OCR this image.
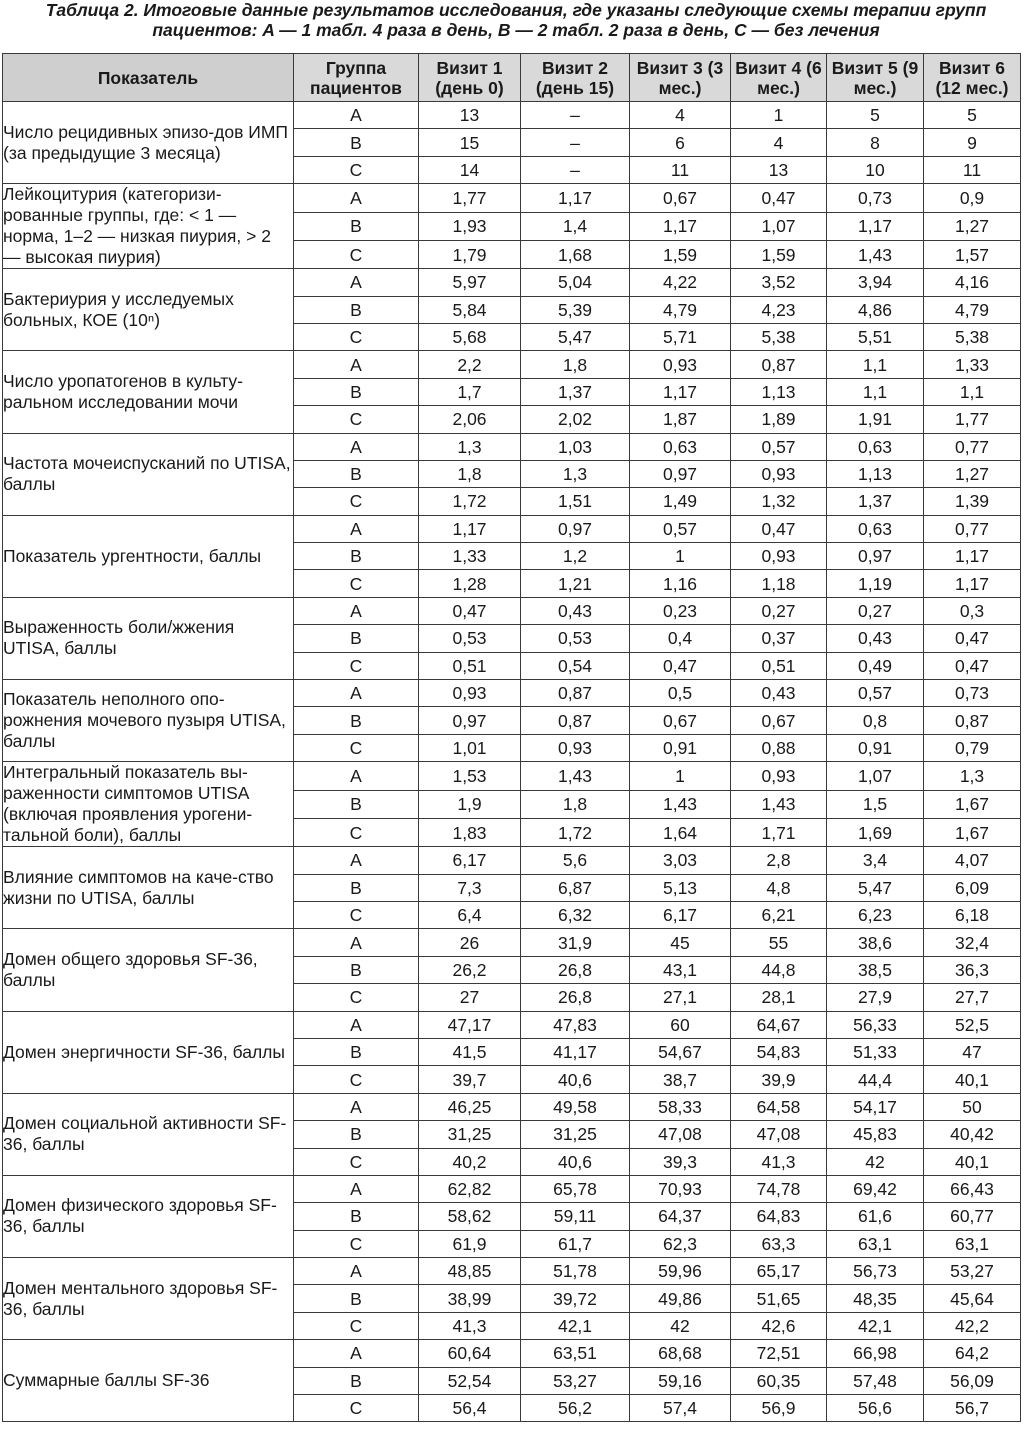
Таблица 2. Итоговые данные результатов исследования, где указаны следующие схемы терапии групп
пациентов: A — 1 табл. 4 раза в день, B — 2 табл. 2 раза в день, C — без лечения
Показатель	Группа пациентов	Визит 1 (день 0)	Визит 2 (день 15)	Визит 3 (3 мес.)	Визит 4 (6 мес.)	Визит 5 (9 мес.)	Визит 6 (12 мес.)
Число рецидивных эпизо-дов ИМП (за предыдущие 3 месяца)	A	13	–	4	1	5	5
	B	15	–	6	4	8	9
	C	14	–	11	13	10	11
Лейкоцитурия (категоризи-рованные группы, где: < 1 — норма, 1–2 — низкая пиурия, > 2 — высокая пиурия)	A	1,77	1,17	0,67	0,47	0,73	0,9
	B	1,93	1,4	1,17	1,07	1,17	1,27
	C	1,79	1,68	1,59	1,59	1,43	1,57
Бактериурия у исследуемых больных, КОЕ (10ⁿ)	A	5,97	5,04	4,22	3,52	3,94	4,16
	B	5,84	5,39	4,79	4,23	4,86	4,79
	C	5,68	5,47	5,71	5,38	5,51	5,38
Число уропатогенов в культу-ральном исследовании мочи	A	2,2	1,8	0,93	0,87	1,1	1,33
	B	1,7	1,37	1,17	1,13	1,1	1,1
	C	2,06	2,02	1,87	1,89	1,91	1,77
Частота мочеиспусканий по UTISA, баллы	A	1,3	1,03	0,63	0,57	0,63	0,77
	B	1,8	1,3	0,97	0,93	1,13	1,27
	C	1,72	1,51	1,49	1,32	1,37	1,39
Показатель ургентности, баллы	A	1,17	0,97	0,57	0,47	0,63	0,77
	B	1,33	1,2	1	0,93	0,97	1,17
	C	1,28	1,21	1,16	1,18	1,19	1,17
Выраженность боли/жжения UTISA, баллы	A	0,47	0,43	0,23	0,27	0,27	0,3
	B	0,53	0,53	0,4	0,37	0,43	0,47
	C	0,51	0,54	0,47	0,51	0,49	0,47
Показатель неполного опо-рожнения мочевого пузыря UTISA, баллы	A	0,93	0,87	0,5	0,43	0,57	0,73
	B	0,97	0,87	0,67	0,67	0,8	0,87
	C	1,01	0,93	0,91	0,88	0,91	0,79
Интегральный показатель вы-раженности симптомов UTISA (включая проявления урогени-тальной боли), баллы	A	1,53	1,43	1	0,93	1,07	1,3
	B	1,9	1,8	1,43	1,43	1,5	1,67
	C	1,83	1,72	1,64	1,71	1,69	1,67
Влияние симптомов на каче-ство жизни по UTISA, баллы	A	6,17	5,6	3,03	2,8	3,4	4,07
	B	7,3	6,87	5,13	4,8	5,47	6,09
	C	6,4	6,32	6,17	6,21	6,23	6,18
Домен общего здоровья SF-36, баллы	A	26	31,9	45	55	38,6	32,4
	B	26,2	26,8	43,1	44,8	38,5	36,3
	C	27	26,8	27,1	28,1	27,9	27,7
Домен энергичности SF-36, баллы	A	47,17	47,83	60	64,67	56,33	52,5
	B	41,5	41,17	54,67	54,83	51,33	47
	C	39,7	40,6	38,7	39,9	44,4	40,1
Домен социальной активности SF-36, баллы	A	46,25	49,58	58,33	64,58	54,17	50
	B	31,25	31,25	47,08	47,08	45,83	40,42
	C	40,2	40,6	39,3	41,3	42	40,1
Домен физического здоровья SF-36, баллы	A	62,82	65,78	70,93	74,78	69,42	66,43
	B	58,62	59,11	64,37	64,83	61,6	60,77
	C	61,9	61,7	62,3	63,3	63,1	63,1
Домен ментального здоровья SF-36, баллы	A	48,85	51,78	59,96	65,17	56,73	53,27
	B	38,99	39,72	49,86	51,65	48,35	45,64
	C	41,3	42,1	42	42,6	42,1	42,2
Суммарные баллы SF-36	A	60,64	63,51	68,68	72,51	66,98	64,2
	B	52,54	53,27	59,16	60,35	57,48	56,09
	C	56,4	56,2	57,4	56,9	56,6	56,7
